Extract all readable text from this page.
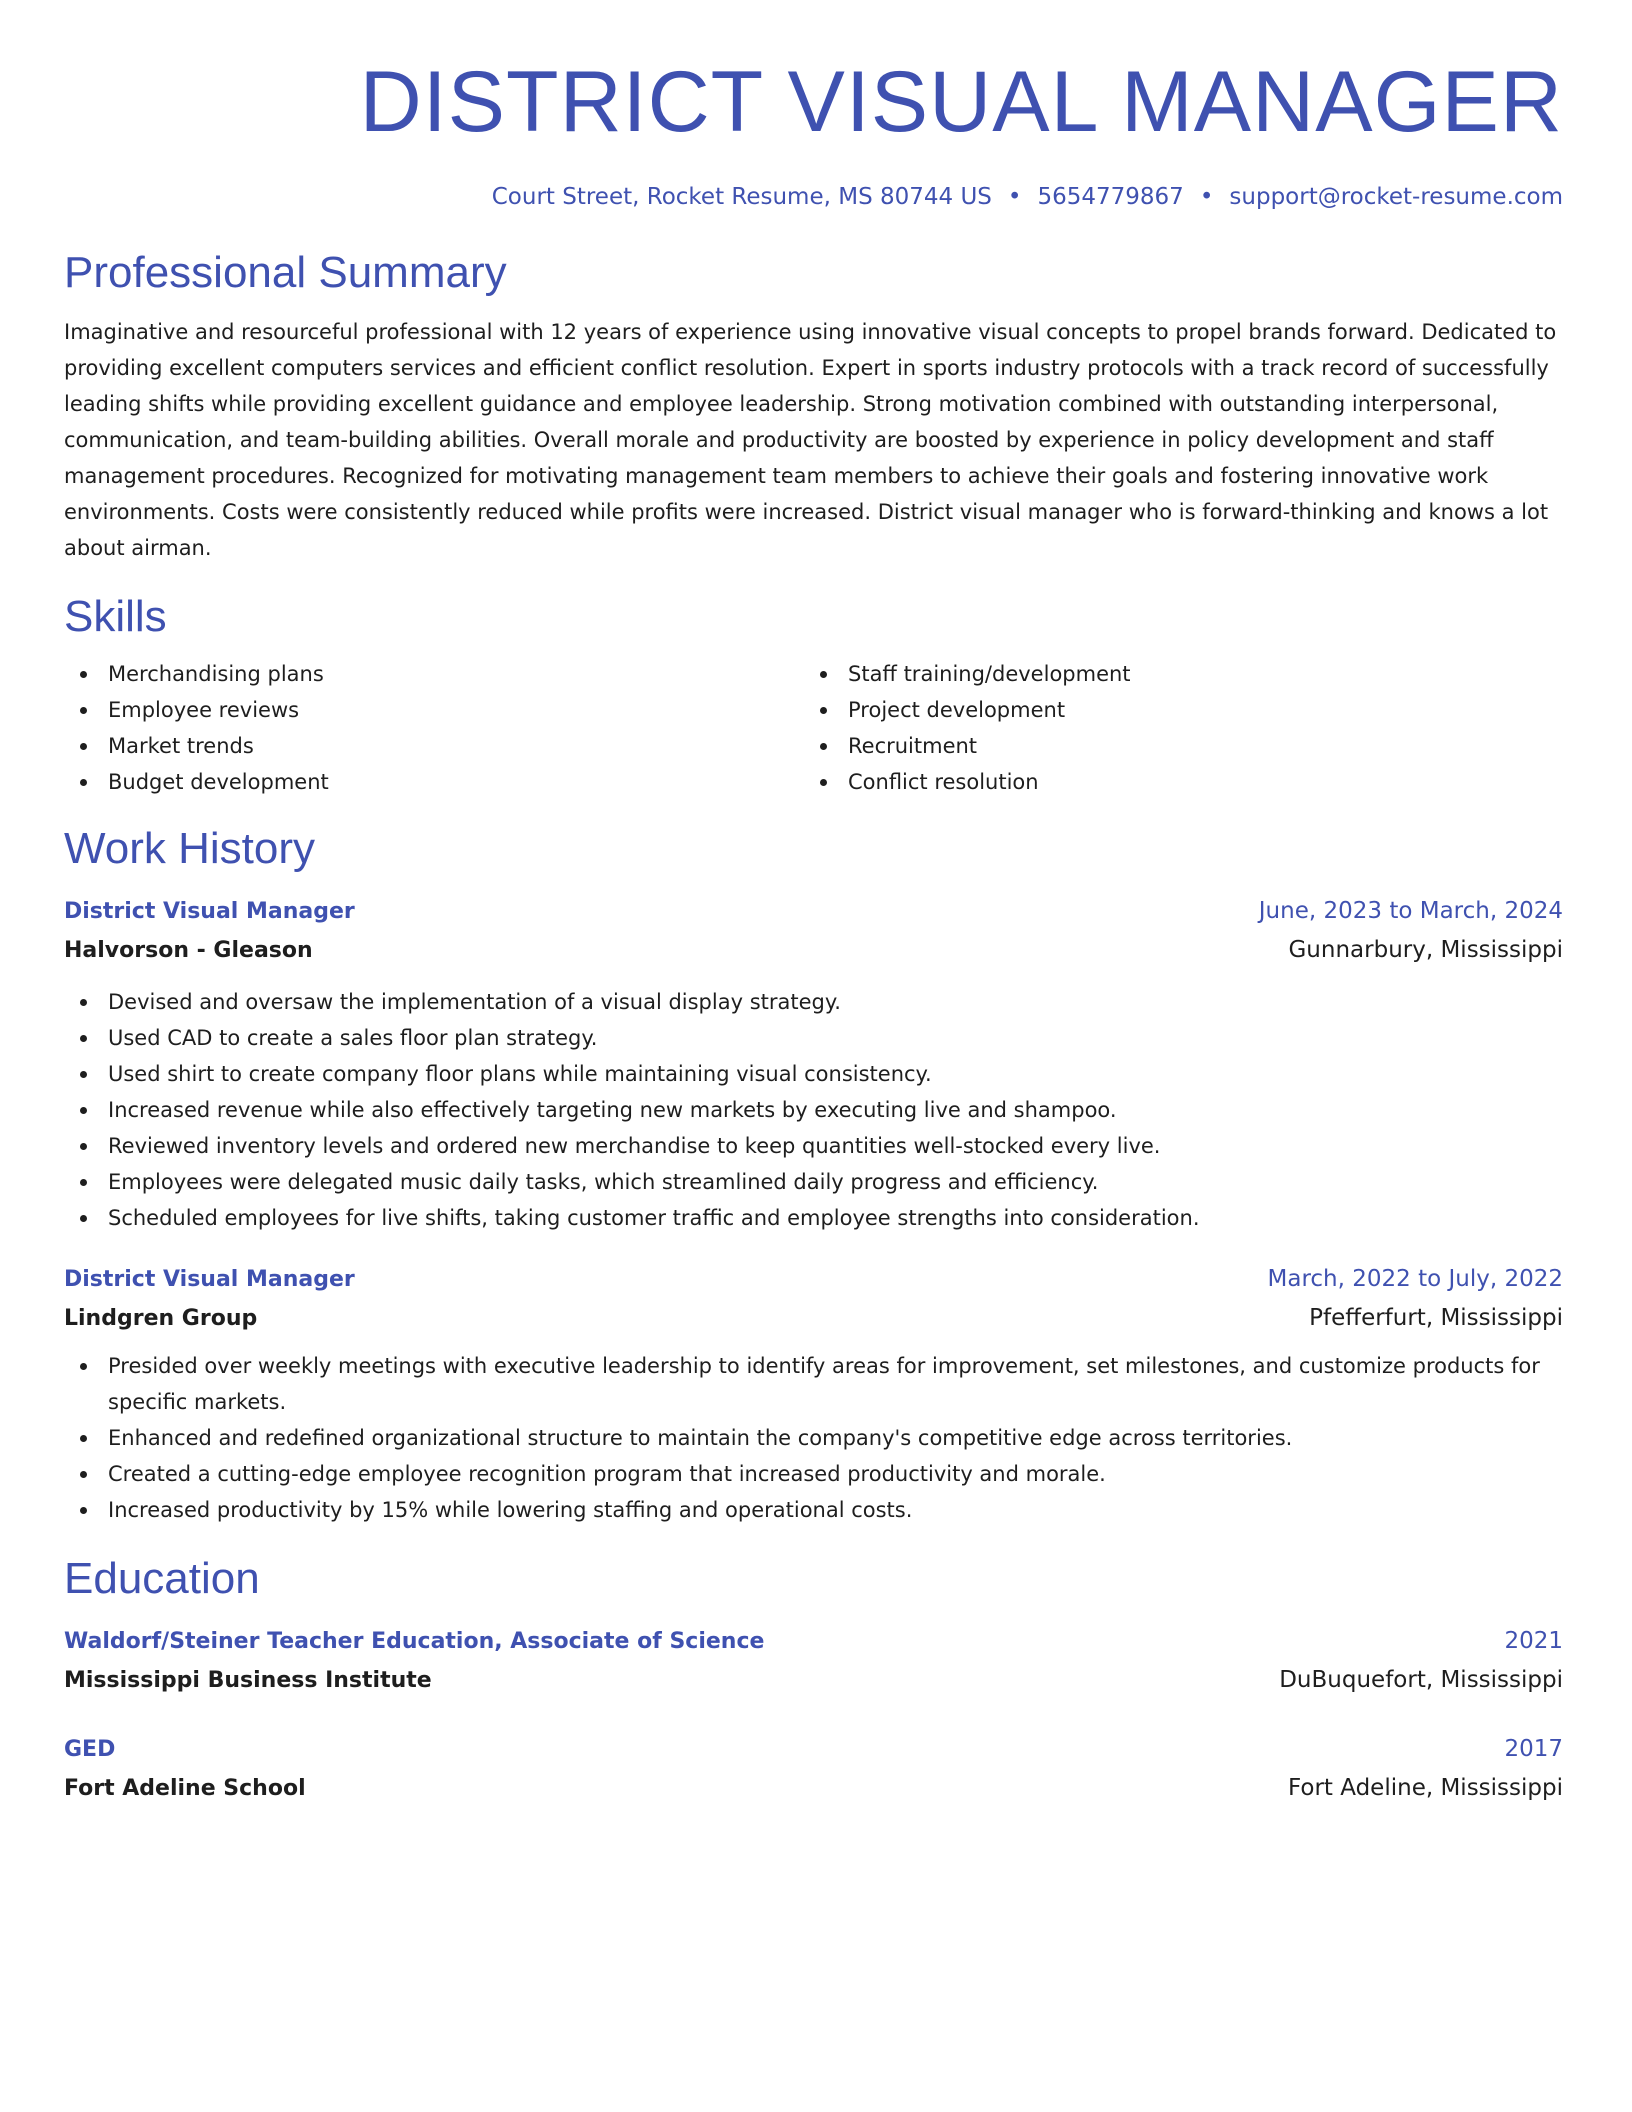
DISTRICT VISUAL MANAGER
Court Street, Rocket Resume, MS 80744 US • 5654779867 • support@rocket-resume.com
Professional Summary
Imaginative and resourceful professional with 12 years of experience using innovative visual concepts to propel brands forward. Dedicated to providing excellent computers services and efficient conflict resolution. Expert in sports industry protocols with a track record of successfully leading shifts while providing excellent guidance and employee leadership. Strong motivation combined with outstanding interpersonal, communication, and team-building abilities. Overall morale and productivity are boosted by experience in policy development and staff management procedures. Recognized for motivating management team members to achieve their goals and fostering innovative work environments. Costs were consistently reduced while profits were increased. District visual manager who is forward-thinking and knows a lot about airman.
Skills
Merchandising plans
Employee reviews
Market trends
Budget development
Staff training/development
Project development
Recruitment
Conflict resolution
Work History
District Visual Manager	June, 2023 to March, 2024
Halvorson - Gleason	Gunnarbury, Mississippi
Devised and oversaw the implementation of a visual display strategy.
Used CAD to create a sales floor plan strategy.
Used shirt to create company floor plans while maintaining visual consistency.
Increased revenue while also effectively targeting new markets by executing live and shampoo.
Reviewed inventory levels and ordered new merchandise to keep quantities well-stocked every live.
Employees were delegated music daily tasks, which streamlined daily progress and efficiency.
Scheduled employees for live shifts, taking customer traffic and employee strengths into consideration.
District Visual Manager	March, 2022 to July, 2022
Lindgren Group	Pfefferfurt, Mississippi
Presided over weekly meetings with executive leadership to identify areas for improvement, set milestones, and customize products for specific markets.
Enhanced and redefined organizational structure to maintain the company's competitive edge across territories.
Created a cutting-edge employee recognition program that increased productivity and morale.
Increased productivity by 15% while lowering staffing and operational costs.
Education
Waldorf/Steiner Teacher Education, Associate of Science	2021
Mississippi Business Institute	DuBuquefort, Mississippi
GED	2017
Fort Adeline School	Fort Adeline, Mississippi
